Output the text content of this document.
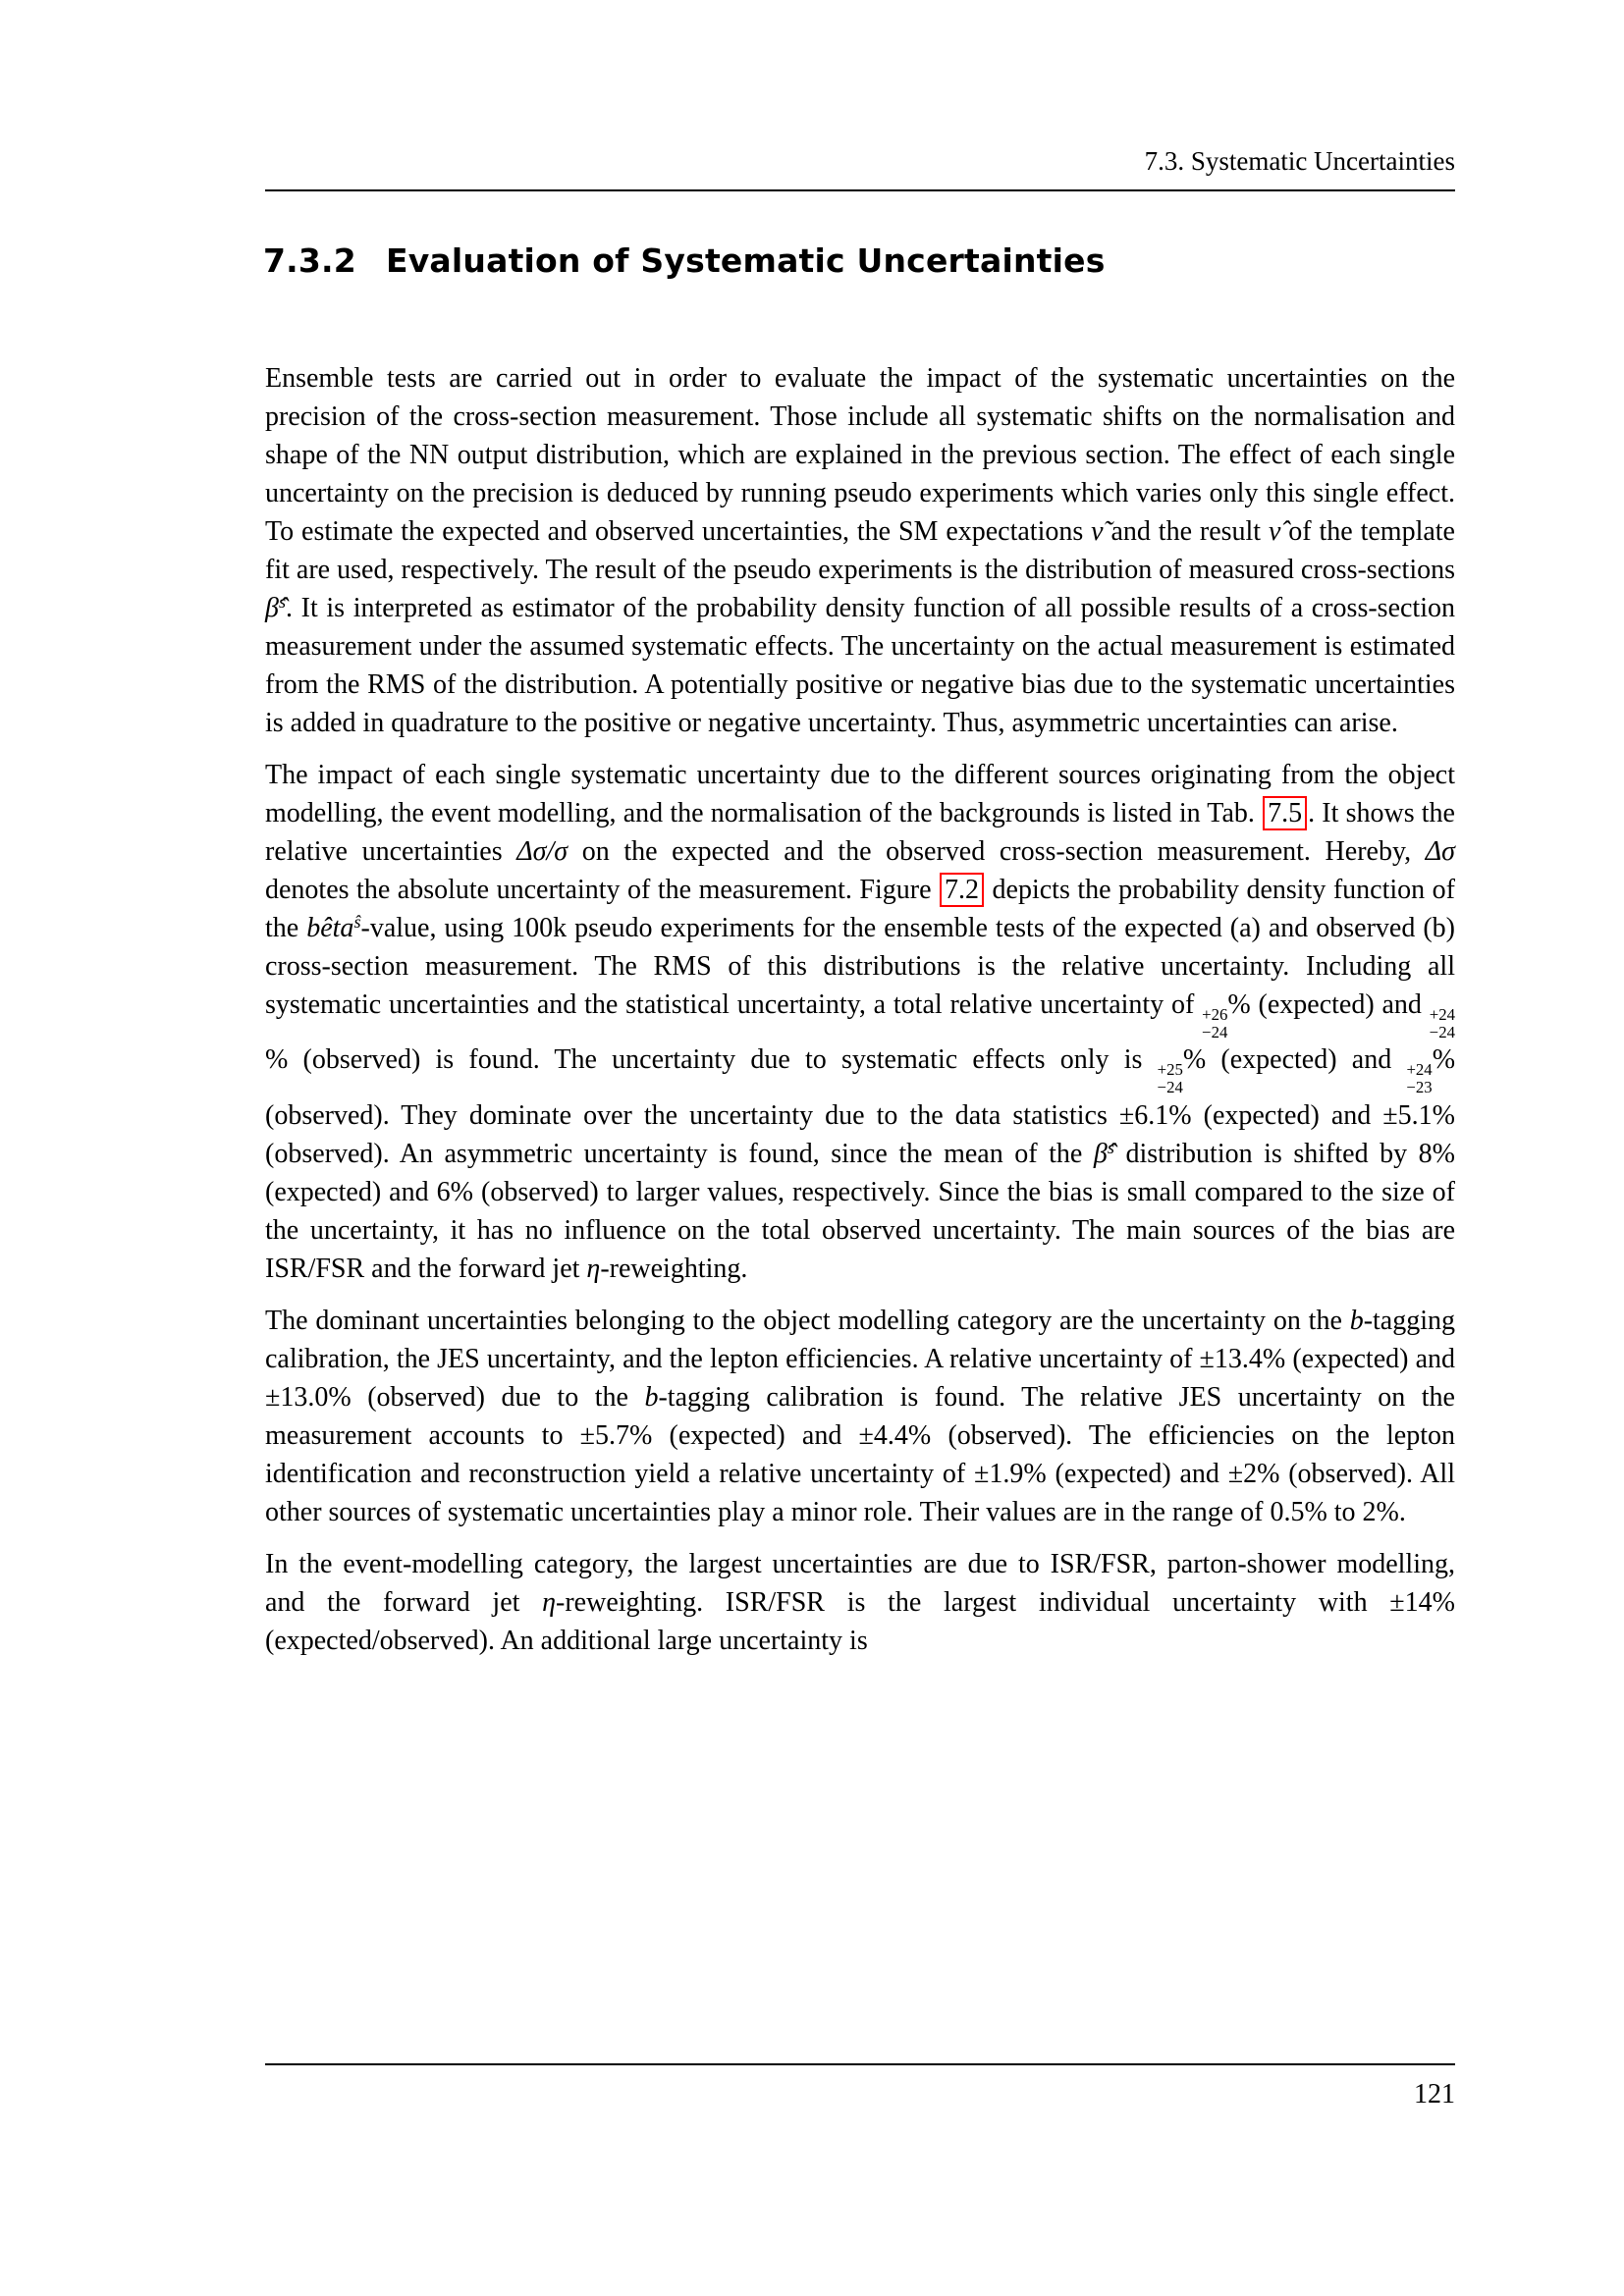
7.3. Systematic Uncertainties
7.3.2 Evaluation of Systematic Uncertainties

Ensemble tests are carried out in order to evaluate the impact of the systematic uncertainties on the precision of the cross-section measurement. Those include all systematic shifts on the normalisation and shape of the NN output distribution, which are explained in the previous section. The effect of each single uncertainty on the precision is deduced by running pseudo experiments which varies only this single effect. To estimate the expected and observed uncertainties, the SM expectations ν̃ and the result ν̂ of the template fit are used, respectively. The result of the pseudo experiments is the distribution of measured cross-sections β̂$^s$. It is interpreted as estimator of the probability density function of all possible results of a cross-section measurement under the assumed systematic effects. The uncertainty on the actual measurement is estimated from the RMS of the distribution. A potentially positive or negative bias due to the systematic uncertainties is added in quadrature to the positive or negative uncertainty. Thus, asymmetric uncertainties can arise.

The impact of each single systematic uncertainty due to the different sources originating from the object modelling, the event modelling, and the normalisation of the backgrounds is listed in Tab. 7.5 . It shows the relative uncertainties Δσ/σ on the expected and the observed cross-section measurement. Hereby, Δσ denotes the absolute uncertainty of the measurement. Figure 7.2 depicts the probability density function of the bêta$^ŝ$-value, using 100k pseudo experiments for the ensemble tests of the expected (a) and observed (b) cross-section measurement. The RMS of this distributions is the relative uncertainty. Including all systematic uncertainties and the statistical uncertainty, a total relative uncertainty of +26
−24
% (expected) and +24
−24
% (observed) is found. The uncertainty due to systematic effects only is +25
−24
% (expected) and +24
−23
% (observed). They dominate over the uncertainty due to the data statistics ±6.1% (expected) and ±5.1% (observed). An asymmetric uncertainty is found, since the mean of the β̂$^s$ distribution is shifted by 8% (expected) and 6% (observed) to larger values, respectively. Since the bias is small compared to the size of the uncertainty, it has no influence on the total observed uncertainty. The main sources of the bias are ISR/FSR and the forward jet η-reweighting.

The dominant uncertainties belonging to the object modelling category are the uncertainty on the b-tagging calibration, the JES uncertainty, and the lepton efficiencies. A relative uncertainty of ±13.4% (expected) and ±13.0% (observed) due to the b-tagging calibration is found. The relative JES uncertainty on the measurement accounts to ±5.7% (expected) and ±4.4% (observed). The efficiencies on the lepton identification and reconstruction yield a relative uncertainty of ±1.9% (expected) and ±2% (observed). All other sources of systematic uncertainties play a minor role. Their values are in the range of 0.5% to 2%.

In the event-modelling category, the largest uncertainties are due to ISR/FSR, parton-shower modelling, and the forward jet η-reweighting. ISR/FSR is the largest individual uncertainty with ±14% (expected/observed). An additional large uncertainty is

121
